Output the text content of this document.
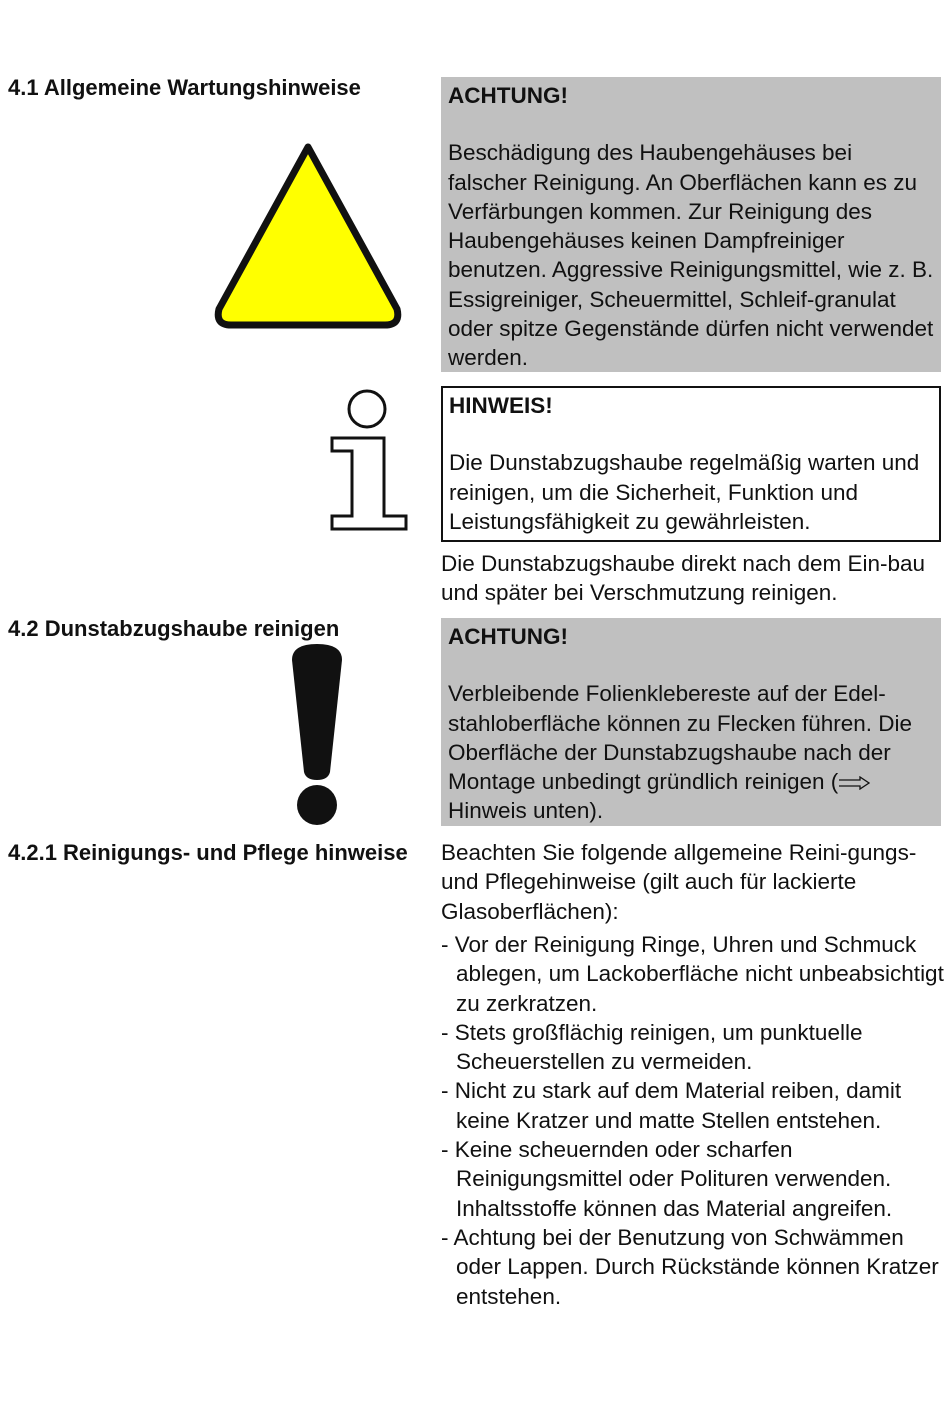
4.1 Allgemeine Wartungshinweise
4.2 Dunstabzugshaube reinigen
4.2.1 Reinigungs- und Pflege hinweise
ACHTUNG!
Beschädigung des Haubengehäuses bei falscher Reinigung. An Oberflächen kann es zu Verfärbungen kommen. Zur Reinigung des Haubengehäuses keinen Dampfreiniger benutzen. Aggressive Reinigungsmittel, wie z. B. Essigreiniger, Scheuermittel, Schleif-granulat oder spitze Gegenstände dürfen nicht verwendet werden.
HINWEIS!
Die Dunstabzugshaube regelmäßig warten und reinigen, um die Sicherheit, Funktion und Leistungsfähigkeit zu gewährleisten.
Die Dunstabzugshaube direkt nach dem Ein-bau und später bei Verschmutzung reinigen.
ACHTUNG!
Verbleibende Folienklebereste auf der Edel-stahloberfläche können zu Flecken führen. Die Oberfläche der Dunstabzugshaube nach der Montage unbedingt gründlich reinigen ( Hinweis unten).
Beachten Sie folgende allgemeine Reini-gungs- und Pflegehinweise (gilt auch für lackierte Glasoberflächen):
- Vor der Reinigung Ringe, Uhren und Schmuck ablegen, um Lackoberfläche nicht unbeabsichtigt zu zerkratzen.
- Stets großflächig reinigen, um punktuelle Scheuerstellen zu vermeiden.
- Nicht zu stark auf dem Material reiben, damit keine Kratzer und matte Stellen entstehen.
- Keine scheuernden oder scharfen Reinigungsmittel oder Polituren verwenden. Inhaltsstoffe können das Material angreifen.
- Achtung bei der Benutzung von Schwämmen oder Lappen. Durch Rückstände können Kratzer entstehen.
